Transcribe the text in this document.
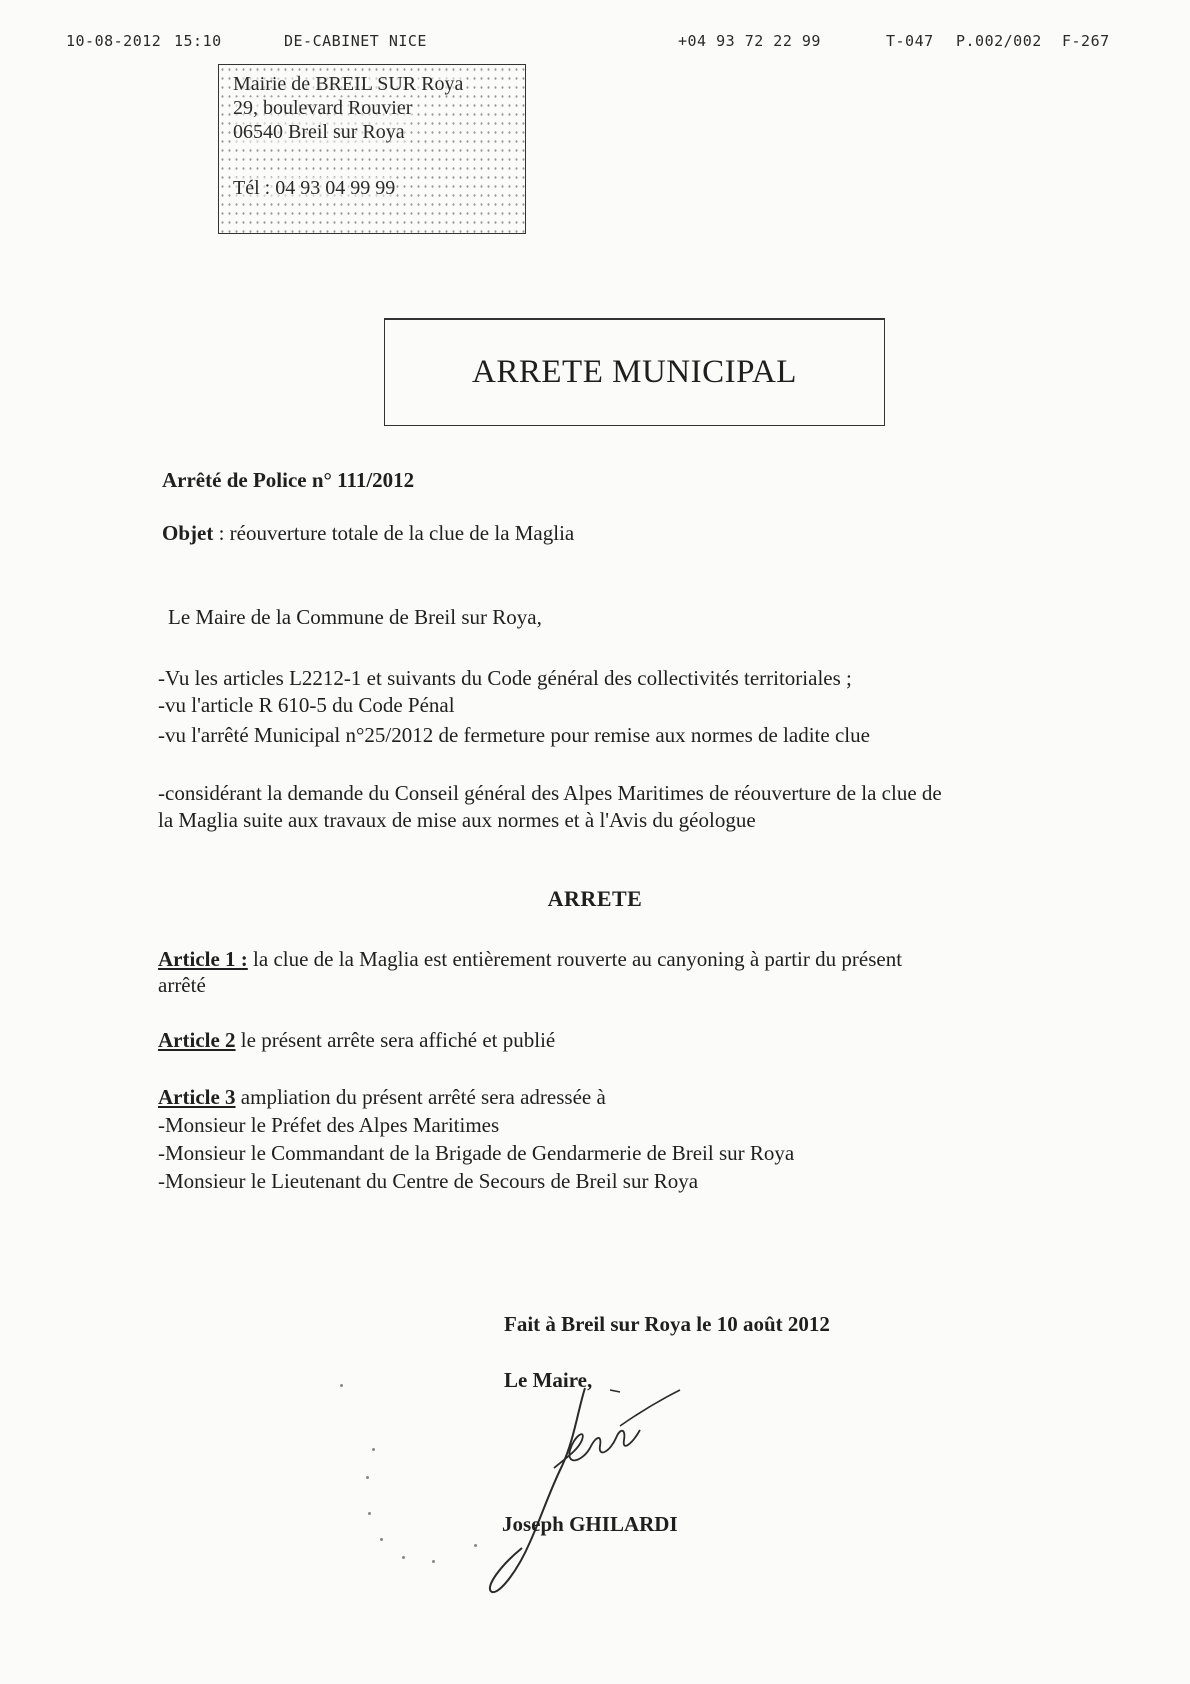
10-08-2012 15:10	DE-CABINET NICE	+04 93 72 22 99	T-047 P.002/002 F-267
Mairie de BREIL SUR Roya
29, boulevard Rouvier
06540 Breil sur Roya
Tél : 04 93 04 99 99
ARRETE MUNICIPAL
Arrêté de Police n° 111/2012
Objet : réouverture totale de la clue de la Maglia
Le Maire de la Commune de Breil sur Roya,
-Vu les articles L2212-1 et suivants du Code général des collectivités territoriales ;
-vu l'article R 610-5 du Code Pénal
-vu l'arrêté Municipal n°25/2012 de fermeture pour remise aux normes de ladite clue
-considérant la demande du Conseil général des Alpes Maritimes de réouverture de la clue de
la Maglia suite aux travaux de mise aux normes et à l'Avis du géologue
ARRETE
Article 1 : la clue de la Maglia est entièrement rouverte au canyoning à partir du présent
arrêté
Article 2 le présent arrête sera affiché et publié
Article 3 ampliation du présent arrêté sera adressée à
-Monsieur le Préfet des Alpes Maritimes
-Monsieur le Commandant de la Brigade de Gendarmerie de Breil sur Roya
-Monsieur le Lieutenant du Centre de Secours de Breil sur Roya
Fait à Breil sur Roya le 10 août 2012
Le Maire,
Joseph GHILARDI
